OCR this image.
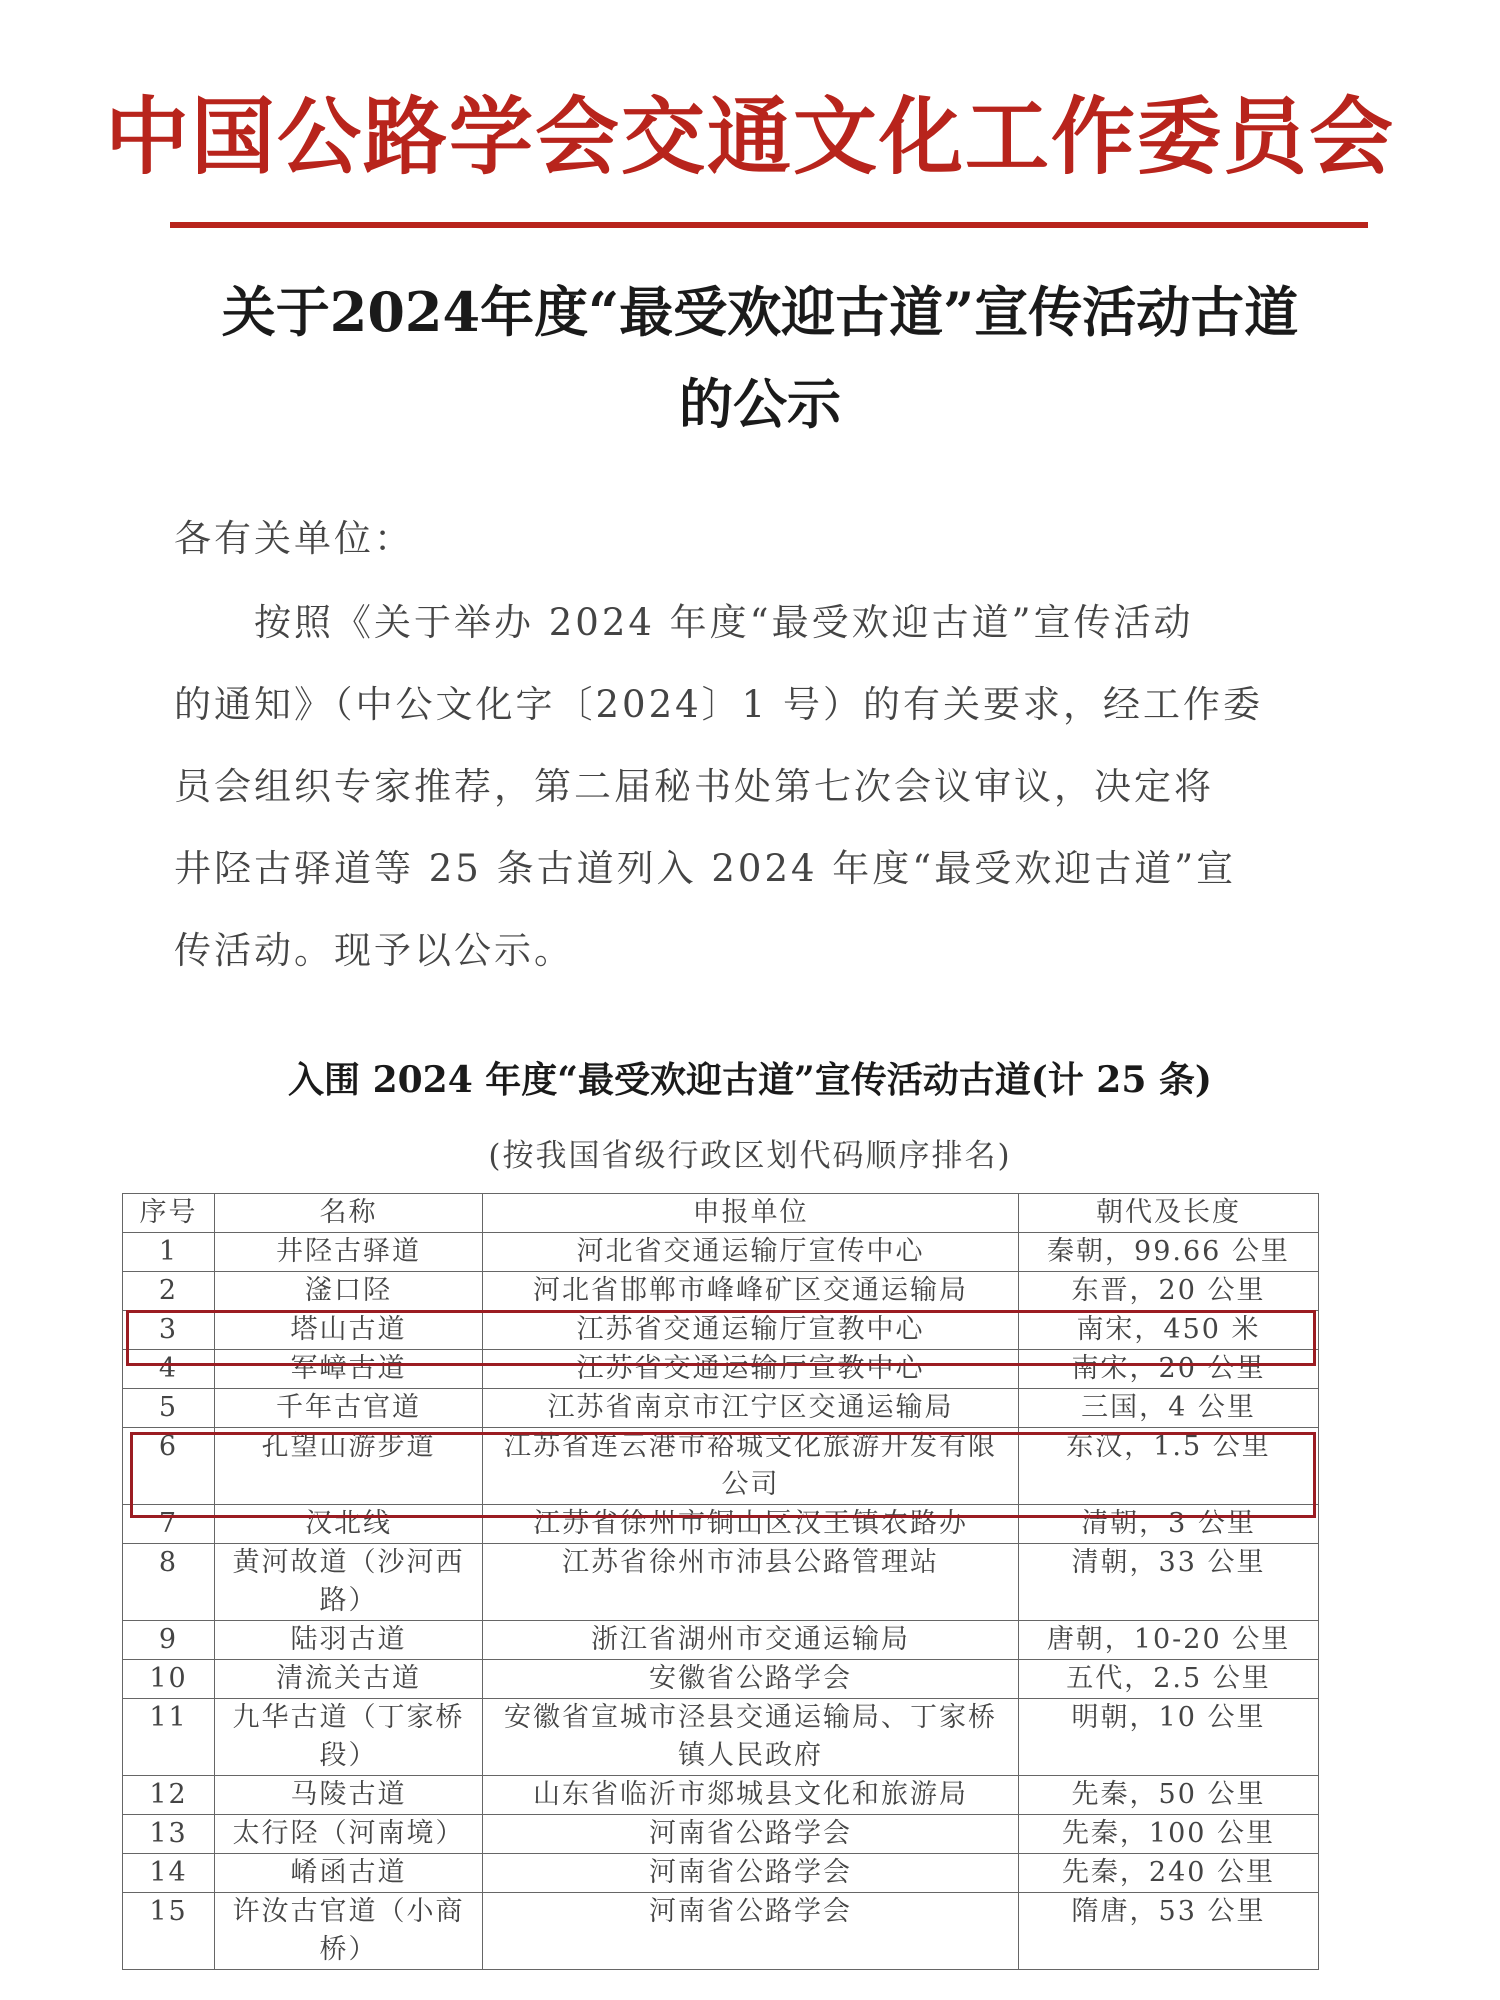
中国公路学会交通文化工作委员会
关于2024年度“最受欢迎古道”宣传活动古道
的公示
各有关单位：
　　按照《关于举办 2024 年度“最受欢迎古道”宣传活动
的通知》（中公文化字〔2024〕1 号）的有关要求，经工作委
员会组织专家推荐，第二届秘书处第七次会议审议，决定将
井陉古驿道等 25 条古道列入 2024 年度“最受欢迎古道”宣
传活动。现予以公示。
入围 2024 年度“最受欢迎古道”宣传活动古道(计 25 条)
(按我国省级行政区划代码顺序排名)
序号	名称	申报单位	朝代及长度
1	井陉古驿道	河北省交通运输厅宣传中心	秦朝，99.66 公里
2	滏口陉	河北省邯郸市峰峰矿区交通运输局	东晋，20 公里
3	塔山古道	江苏省交通运输厅宣教中心	南宋，450 米
4	军嶂古道	江苏省交通运输厅宣教中心	南宋，20 公里
5	千年古官道	江苏省南京市江宁区交通运输局	三国，4 公里
6	孔望山游步道	江苏省连云港市裕城文化旅游开发有限公司	东汉，1.5 公里
7	汉北线	江苏省徐州市铜山区汉王镇农路办	清朝，3 公里
8	黄河故道（沙河西路）	江苏省徐州市沛县公路管理站	清朝，33 公里
9	陆羽古道	浙江省湖州市交通运输局	唐朝，10-20 公里
10	清流关古道	安徽省公路学会	五代，2.5 公里
11	九华古道（丁家桥段）	安徽省宣城市泾县交通运输局、丁家桥镇人民政府	明朝，10 公里
12	马陵古道	山东省临沂市郯城县文化和旅游局	先秦，50 公里
13	太行陉（河南境）	河南省公路学会	先秦，100 公里
14	崤函古道	河南省公路学会	先秦，240 公里
15	许汝古官道（小商桥）	河南省公路学会	隋唐，53 公里
